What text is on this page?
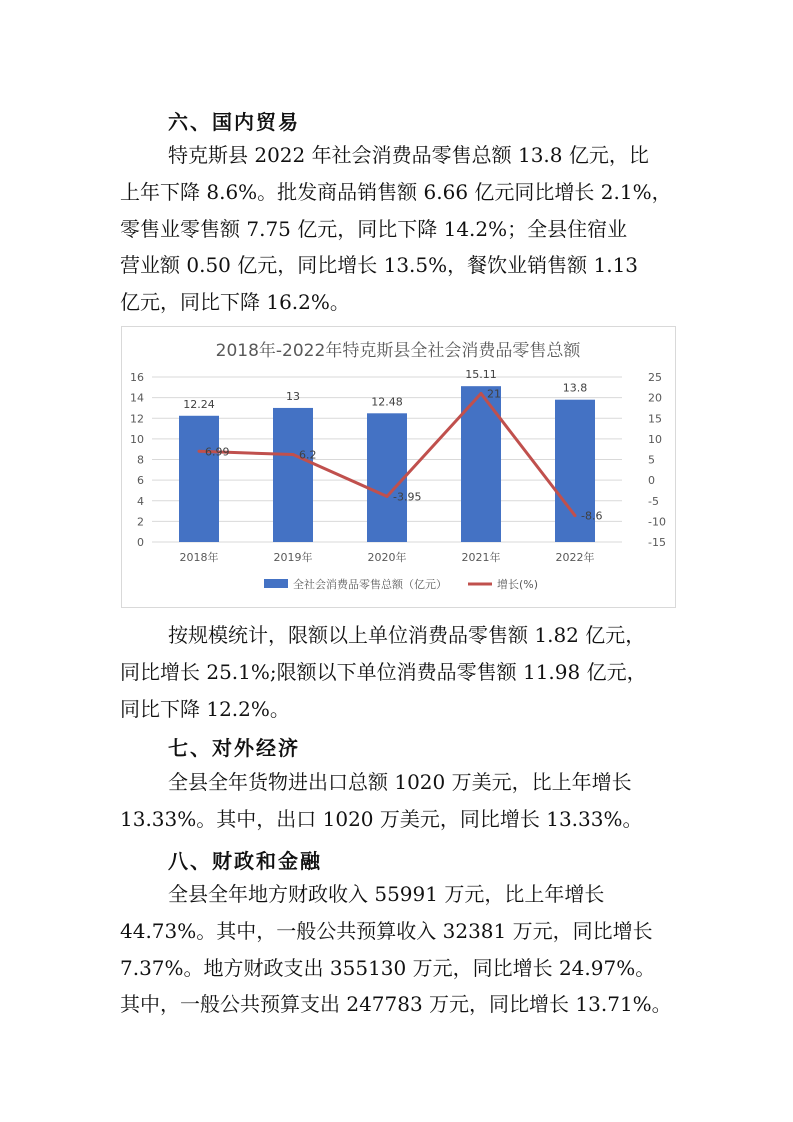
六、国内贸易
特克斯县 2022 年社会消费品零售总额 13.8 亿元，比
上年下降 8.6%。批发商品销售额 6.66 亿元同比增长 2.1%，
零售业零售额 7.75 亿元，同比下降 14.2%；全县住宿业
营业额 0.50 亿元，同比增长 13.5%，餐饮业销售额 1.13
亿元，同比下降 16.2%。
2018年-2022年特克斯县全社会消费品零售总额
0
2
4
6
8
10
12
14
16
-15
-10
-5
0
5
10
15
20
25
12.24
13	12.48
15.11
13.8
2018年	2019年	2020年	2021年	2022年
6.99	6.2
-3.95
21
-8.6
全社会消费品零售总额（亿元）	增长(%)
按规模统计，限额以上单位消费品零售额 1.82 亿元，
同比增长 25.1%;限额以下单位消费品零售额 11.98 亿元，
同比下降 12.2%。
七、对外经济
全县全年货物进出口总额 1020 万美元，比上年增长
13.33%。其中，出口 1020 万美元，同比增长 13.33%。
八、财政和金融
全县全年地方财政收入 55991 万元，比上年增长
44.73%。其中，一般公共预算收入 32381 万元，同比增长
7.37%。地方财政支出 355130 万元，同比增长 24.97%。
其中，一般公共预算支出 247783 万元，同比增长 13.71%。
